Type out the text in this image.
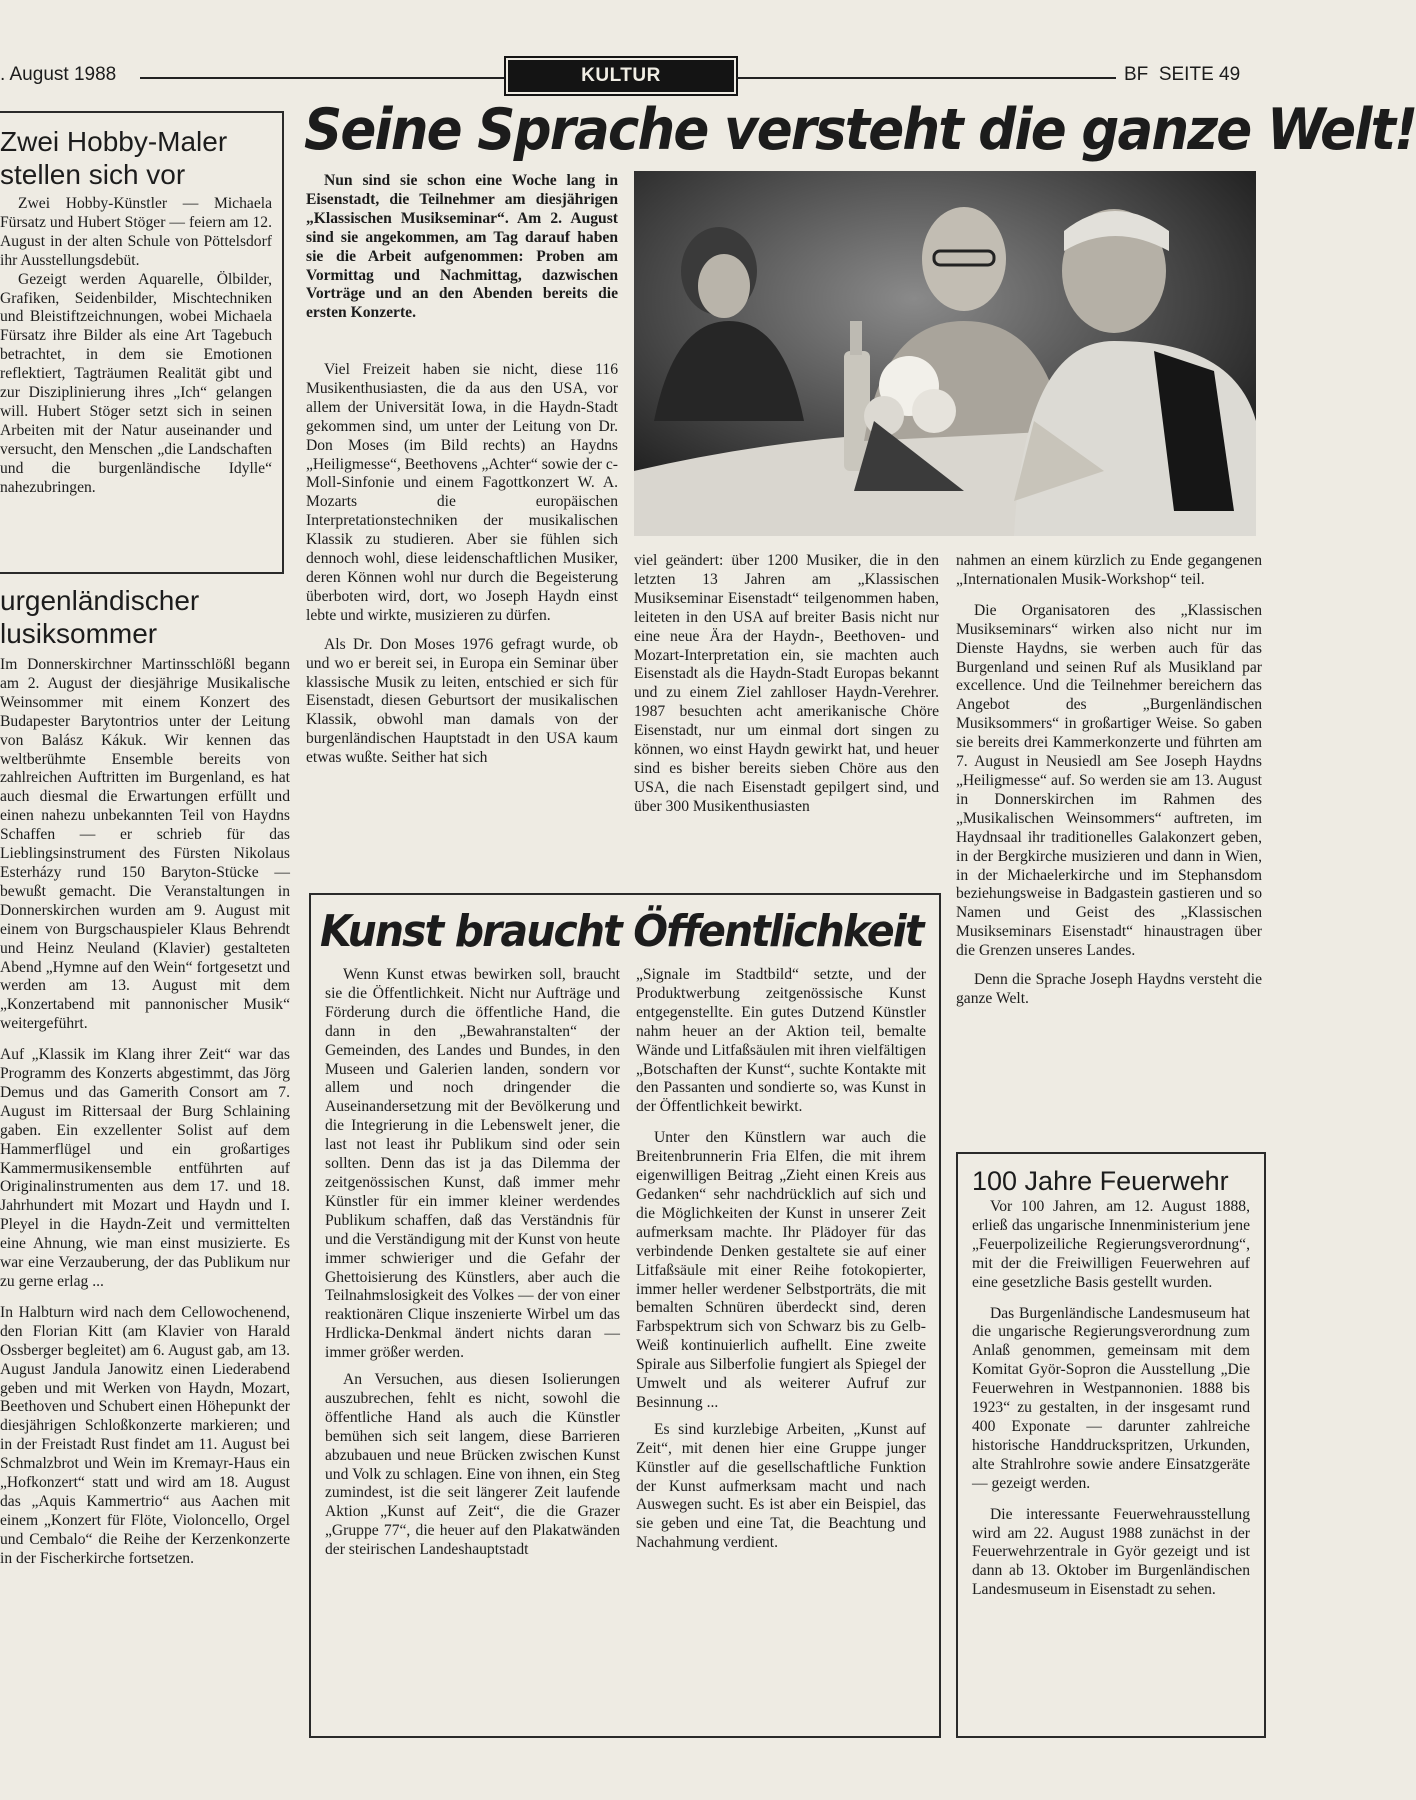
. August 1988	KULTUR	BF  SEITE 49
Zwei Hobby-Maler
stellen sich vor

Zwei Hobby-Künstler — Michaela Fürsatz und Hubert Stöger — feiern am 12. August in der alten Schule von Pöttelsdorf ihr Ausstellungsdebüt.

Gezeigt werden Aquarelle, Ölbilder, Grafiken, Seidenbilder, Mischtechniken und Bleistiftzeichnungen, wobei Michaela Fürsatz ihre Bilder als eine Art Tagebuch betrachtet, in dem sie Emotionen reflektiert, Tagträumen Realität gibt und zur Disziplinierung ihres „Ich“ gelangen will. Hubert Stöger setzt sich in seinen Arbeiten mit der Natur auseinander und versucht, den Menschen „die Landschaften und die burgenländische Idylle“ nahezubringen.

urgenländischer
lusiksommer

Im Donnerskirchner Martinsschlößl begann am 2. August der diesjährige Musikalische Weinsommer mit einem Konzert des Budapester Barytontrios unter der Leitung von Balász Kákuk. Wir kennen das weltberühmte Ensemble bereits von zahlreichen Auftritten im Burgenland, es hat auch diesmal die Erwartungen erfüllt und einen nahezu unbekannten Teil von Haydns Schaffen — er schrieb für das Lieblingsinstrument des Fürsten Nikolaus Esterházy rund 150 Baryton-Stücke — bewußt gemacht. Die Veranstaltungen in Donnerskirchen wurden am 9. August mit einem von Burgschauspieler Klaus Behrendt und Heinz Neuland (Klavier) gestalteten Abend „Hymne auf den Wein“ fortgesetzt und werden am 13. August mit dem „Konzertabend mit pannonischer Musik“ weitergeführt.

Auf „Klassik im Klang ihrer Zeit“ war das Programm des Konzerts abgestimmt, das Jörg Demus und das Gamerith Consort am 7. August im Rittersaal der Burg Schlaining gaben. Ein exzellenter Solist auf dem Hammerflügel und ein großartiges Kammermusikensemble entführten auf Originalinstrumenten aus dem 17. und 18. Jahrhundert mit Mozart und Haydn und I. Pleyel in die Haydn-Zeit und vermittelten eine Ahnung, wie man einst musizierte. Es war eine Verzauberung, der das Publikum nur zu gerne erlag ...

In Halbturn wird nach dem Cellowochenend, den Florian Kitt (am Klavier von Harald Ossberger begleitet) am 6. August gab, am 13. August Jandula Janowitz einen Liederabend geben und mit Werken von Haydn, Mozart, Beethoven und Schubert einen Höhepunkt der diesjährigen Schloßkonzerte markieren; und in der Freistadt Rust findet am 11. August bei Schmalzbrot und Wein im Kremayr-Haus ein „Hofkonzert“ statt und wird am 18. August das „Aquis Kammertrio“ aus Aachen mit einem „Konzert für Flöte, Violoncello, Orgel und Cembalo“ die Reihe der Kerzenkonzerte in der Fischerkirche fortsetzen.

Seine Sprache versteht die ganze Welt!

Nun sind sie schon eine Woche lang in Eisenstadt, die Teilnehmer am diesjährigen „Klassischen Musikseminar“. Am 2. August sind sie angekommen, am Tag darauf haben sie die Arbeit aufgenommen: Proben am Vormittag und Nachmittag, dazwischen Vorträge und an den Abenden bereits die ersten Konzerte.

Viel Freizeit haben sie nicht, diese 116 Musikenthusiasten, die da aus den USA, vor allem der Universität Iowa, in die Haydn-Stadt gekommen sind, um unter der Leitung von Dr. Don Moses (im Bild rechts) an Haydns „Heiligmesse“, Beethovens „Achter“ sowie der c-Moll-Sinfonie und einem Fagottkonzert W. A. Mozarts die europäischen Interpretationstechniken der musikalischen Klassik zu studieren. Aber sie fühlen sich dennoch wohl, diese leidenschaftlichen Musiker, deren Können wohl nur durch die Begeisterung überboten wird, dort, wo Joseph Haydn einst lebte und wirkte, musizieren zu dürfen.

Als Dr. Don Moses 1976 gefragt wurde, ob und wo er bereit sei, in Europa ein Seminar über klassische Musik zu leiten, entschied er sich für Eisenstadt, diesen Geburtsort der musikalischen Klassik, obwohl man damals von der burgenländischen Hauptstadt in den USA kaum etwas wußte. Seither hat sich

viel geändert: über 1200 Musiker, die in den letzten 13 Jahren am „Klassischen Musikseminar Eisenstadt“ teilgenommen haben, leiteten in den USA auf breiter Basis nicht nur eine neue Ära der Haydn-, Beethoven- und Mozart-Interpretation ein, sie machten auch Eisenstadt als die Haydn-Stadt Europas bekannt und zu einem Ziel zahlloser Haydn-Verehrer. 1987 besuchten acht amerikanische Chöre Eisenstadt, nur um einmal dort singen zu können, wo einst Haydn gewirkt hat, und heuer sind es bisher bereits sieben Chöre aus den USA, die nach Eisenstadt gepilgert sind, und über 300 Musikenthusiasten

nahmen an einem kürzlich zu Ende gegangenen „Internationalen Musik-Workshop“ teil.

Die Organisatoren des „Klassischen Musikseminars“ wirken also nicht nur im Dienste Haydns, sie werben auch für das Burgenland und seinen Ruf als Musikland par excellence. Und die Teilnehmer bereichern das Angebot des „Burgenländischen Musiksommers“ in großartiger Weise. So gaben sie bereits drei Kammerkonzerte und führten am 7. August in Neusiedl am See Joseph Haydns „Heiligmesse“ auf. So werden sie am 13. August in Donnerskirchen im Rahmen des „Musikalischen Weinsommers“ auftreten, im Haydnsaal ihr traditionelles Galakonzert geben, in der Bergkirche musizieren und dann in Wien, in der Michaelerkirche und im Stephansdom beziehungsweise in Badgastein gastieren und so Namen und Geist des „Klassischen Musikseminars Eisenstadt“ hinaustragen über die Grenzen unseres Landes.

Denn die Sprache Joseph Haydns versteht die ganze Welt.

Kunst braucht Öffentlichkeit

Wenn Kunst etwas bewirken soll, braucht sie die Öffentlichkeit. Nicht nur Aufträge und Förderung durch die öffentliche Hand, die dann in den „Bewahranstalten“ der Gemeinden, des Landes und Bundes, in den Museen und Galerien landen, sondern vor allem und noch dringender die Auseinandersetzung mit der Bevölkerung und die Integrierung in die Lebenswelt jener, die last not least ihr Publikum sind oder sein sollten. Denn das ist ja das Dilemma der zeitgenössischen Kunst, daß immer mehr Künstler für ein immer kleiner werdendes Publikum schaffen, daß das Verständnis für und die Verständigung mit der Kunst von heute immer schwieriger und die Gefahr der Ghettoisierung des Künstlers, aber auch die Teilnahmslosigkeit des Volkes — der von einer reaktionären Clique inszenierte Wirbel um das Hrdlicka-Denkmal ändert nichts daran — immer größer werden.

An Versuchen, aus diesen Isolierungen auszubrechen, fehlt es nicht, sowohl die öffentliche Hand als auch die Künstler bemühen sich seit langem, diese Barrieren abzubauen und neue Brücken zwischen Kunst und Volk zu schlagen. Eine von ihnen, ein Steg zumindest, ist die seit längerer Zeit laufende Aktion „Kunst auf Zeit“, die die Grazer „Gruppe 77“, die heuer auf den Plakatwänden der steirischen Landeshauptstadt

„Signale im Stadtbild“ setzte, und der Produktwerbung zeitgenössische Kunst entgegenstellte. Ein gutes Dutzend Künstler nahm heuer an der Aktion teil, bemalte Wände und Litfaßsäulen mit ihren vielfältigen „Botschaften der Kunst“, suchte Kontakte mit den Passanten und sondierte so, was Kunst in der Öffentlichkeit bewirkt.

Unter den Künstlern war auch die Breitenbrunnerin Fria Elfen, die mit ihrem eigenwilligen Beitrag „Zieht einen Kreis aus Gedanken“ sehr nachdrücklich auf sich und die Möglichkeiten der Kunst in unserer Zeit aufmerksam machte. Ihr Plädoyer für das verbindende Denken gestaltete sie auf einer Litfaßsäule mit einer Reihe fotokopierter, immer heller werdener Selbstporträts, die mit bemalten Schnüren überdeckt sind, deren Farbspektrum sich von Schwarz bis zu Gelb-Weiß kontinuierlich aufhellt. Eine zweite Spirale aus Silberfolie fungiert als Spiegel der Umwelt und als weiterer Aufruf zur Besinnung ...

Es sind kurzlebige Arbeiten, „Kunst auf Zeit“, mit denen hier eine Gruppe junger Künstler auf die gesellschaftliche Funktion der Kunst aufmerksam macht und nach Auswegen sucht. Es ist aber ein Beispiel, das sie geben und eine Tat, die Beachtung und Nachahmung verdient.

100 Jahre Feuerwehr

Vor 100 Jahren, am 12. August 1888, erließ das ungarische Innenministerium jene „Feuerpolizeiliche Regierungsverordnung“, mit der die Freiwilligen Feuerwehren auf eine gesetzliche Basis gestellt wurden.

Das Burgenländische Landesmuseum hat die ungarische Regierungsverordnung zum Anlaß genommen, gemeinsam mit dem Komitat Györ-Sopron die Ausstellung „Die Feuerwehren in Westpannonien. 1888 bis 1923“ zu gestalten, in der insgesamt rund 400 Exponate — darunter zahlreiche historische Handdruckspritzen, Urkunden, alte Strahlrohre sowie andere Einsatzgeräte — gezeigt werden.

Die interessante Feuerwehrausstellung wird am 22. August 1988 zunächst in der Feuerwehrzentrale in Györ gezeigt und ist dann ab 13. Oktober im Burgenländischen Landesmuseum in Eisenstadt zu sehen.
